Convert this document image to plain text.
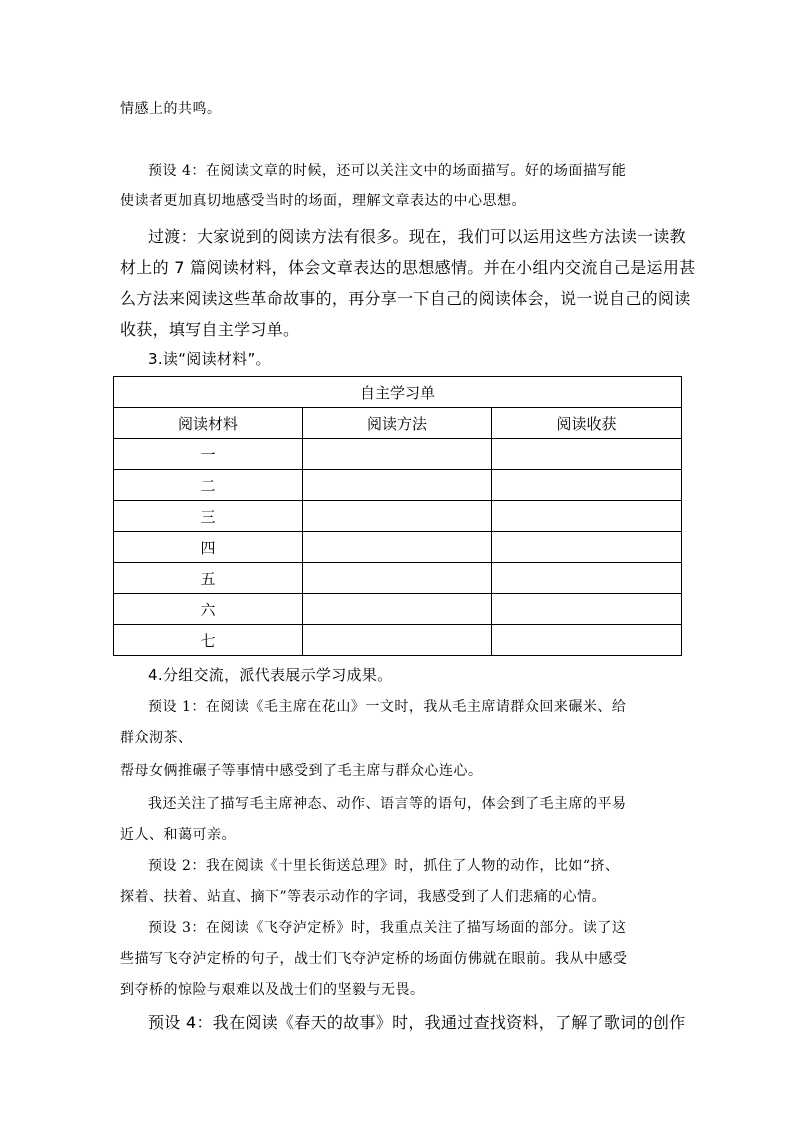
情感上的共鸣。
预设 4：在阅读文章的时候，还可以关注文中的场面描写。好的场面描写能
使读者更加真切地感受当时的场面，理解文章表达的中心思想。
过渡：大家说到的阅读方法有很多。现在，我们可以运用这些方法读一读教
材上的 7 篇阅读材料，体会文章表达的思想感情。并在小组内交流自己是运用甚
么方法来阅读这些革命故事的，再分享一下自己的阅读体会，说一说自己的阅读
收获，填写自主学习单。
3.读“阅读材料”。
自主学习单		
阅读材料	阅读方法	阅读收获
一		
二		
三		
四		
五		
六		
七		
4.分组交流，派代表展示学习成果。
预设 1：在阅读《毛主席在花山》一文时，我从毛主席请群众回来碾米、给
群众沏茶、
帮母女俩推碾子等事情中感受到了毛主席与群众心连心。
我还关注了描写毛主席神态、动作、语言等的语句，体会到了毛主席的平易
近人、和蔼可亲。
预设 2：我在阅读《十里长街送总理》时，抓住了人物的动作，比如“挤、
探着、扶着、站直、摘下”等表示动作的字词，我感受到了人们悲痛的心情。
预设 3：在阅读《飞夺泸定桥》时，我重点关注了描写场面的部分。读了这
些描写飞夺泸定桥的句子，战士们飞夺泸定桥的场面仿佛就在眼前。我从中感受
到夺桥的惊险与艰难以及战士们的坚毅与无畏。
预设 4：我在阅读《春天的故事》时，我通过查找资料，了解了歌词的创作
